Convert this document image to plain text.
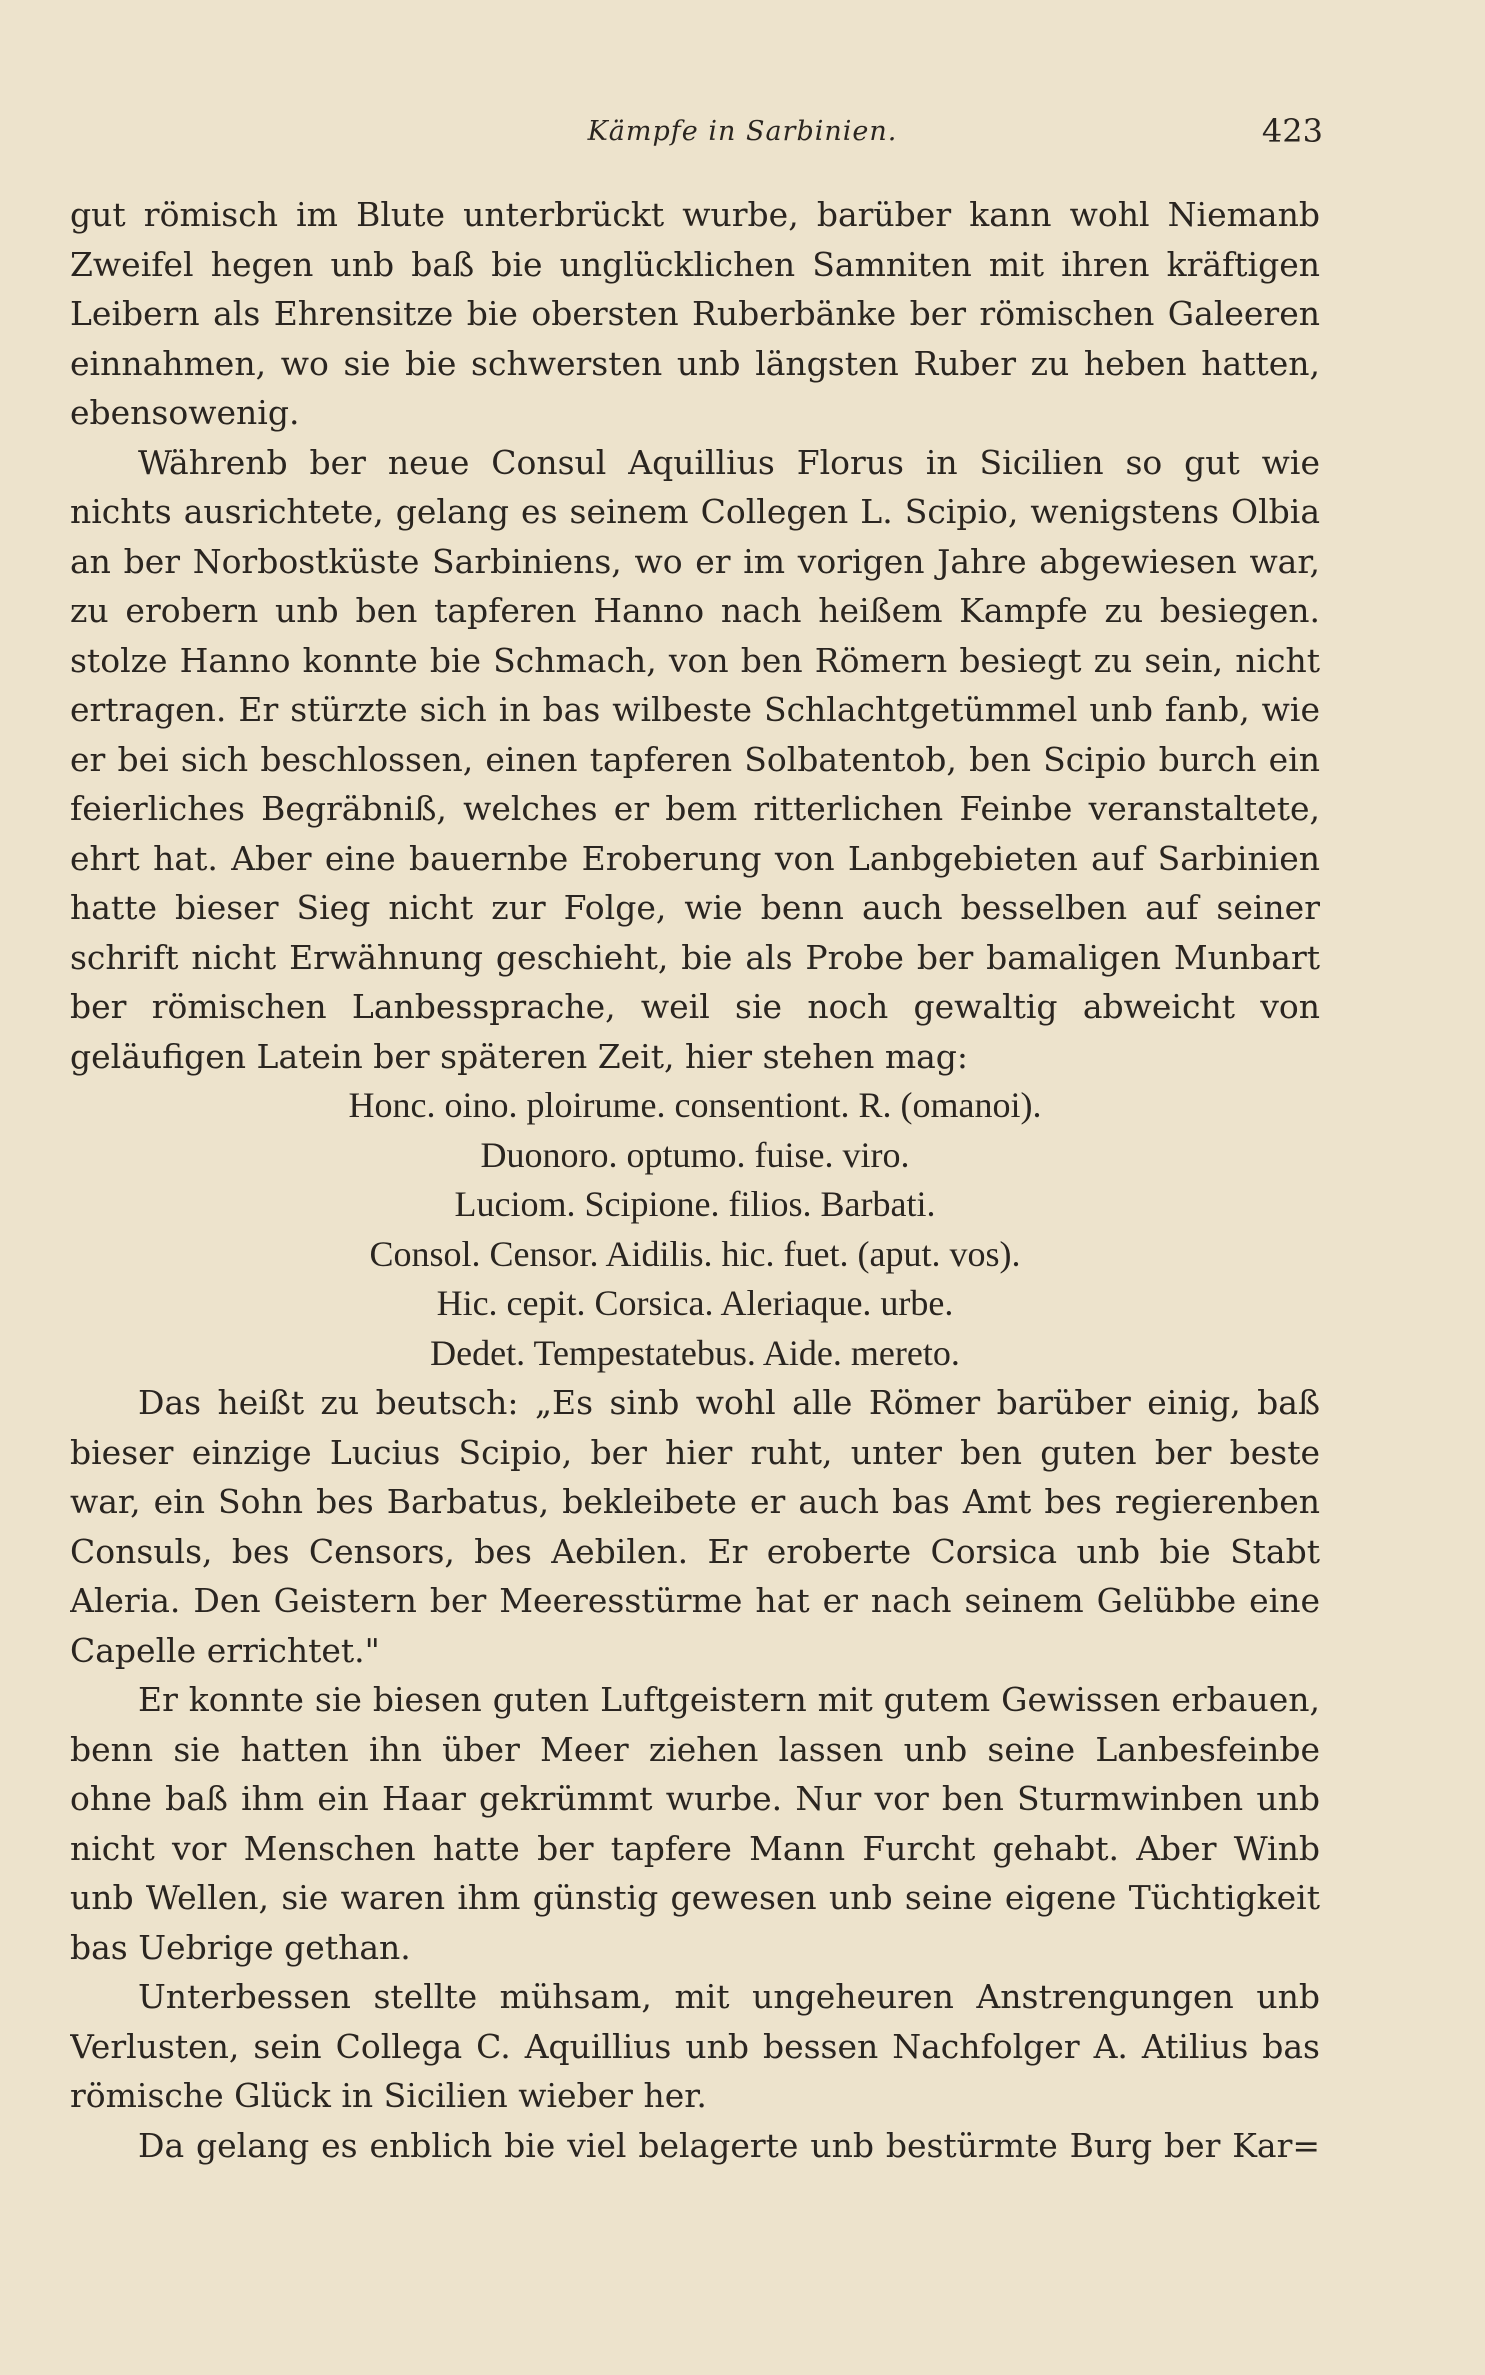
Kämpfe in Sarbinien.	423
gut römisch im Blute unterbrückt wurbe, barüber kann wohl Niemanb
Zweifel hegen unb baß bie unglücklichen Samniten mit ihren kräftigen
Leibern als Ehrensitze bie obersten Ruberbänke ber römischen Galeeren
einnahmen, wo sie bie schwersten unb längsten Ruber zu heben hatten,
ebensowenig.
Währenb ber neue Consul Aquillius Florus in Sicilien so gut wie
nichts ausrichtete, gelang es seinem Collegen L. Scipio, wenigstens Olbia
an ber Norbostküste Sarbiniens, wo er im vorigen Jahre abgewiesen war,
zu erobern unb ben tapferen Hanno nach heißem Kampfe zu besiegen.
stolze Hanno konnte bie Schmach, von ben Römern besiegt zu sein, nicht
ertragen. Er stürzte sich in bas wilbeste Schlachtgetümmel unb fanb, wie
er bei sich beschlossen, einen tapferen Solbatentob, ben Scipio burch ein
feierliches Begräbniß, welches er bem ritterlichen Feinbe veranstaltete,
ehrt hat. Aber eine bauernbe Eroberung von Lanbgebieten auf Sarbinien
hatte bieser Sieg nicht zur Folge, wie benn auch besselben auf seiner
schrift nicht Erwähnung geschieht, bie als Probe ber bamaligen Munbart
ber römischen Lanbessprache, weil sie noch gewaltig abweicht von
geläufigen Latein ber späteren Zeit, hier stehen mag:
Honc. oino. ploirume. consentiont. R. (omanoi).
Duonoro. optumo. fuise. viro.
Luciom. Scipione. filios. Barbati.
Consol. Censor. Aidilis. hic. fuet. (aput. vos).
Hic. cepit. Corsica. Aleriaque. urbe.
Dedet. Tempestatebus. Aide. mereto.
Das heißt zu beutsch: „Es sinb wohl alle Römer barüber einig, baß
bieser einzige Lucius Scipio, ber hier ruht, unter ben guten ber beste
war, ein Sohn bes Barbatus, bekleibete er auch bas Amt bes regierenben
Consuls, bes Censors, bes Aebilen. Er eroberte Corsica unb bie Stabt
Aleria. Den Geistern ber Meeresstürme hat er nach seinem Gelübbe eine
Capelle errichtet."
Er konnte sie biesen guten Luftgeistern mit gutem Gewissen erbauen,
benn sie hatten ihn über Meer ziehen lassen unb seine Lanbesfeinbe
ohne baß ihm ein Haar gekrümmt wurbe. Nur vor ben Sturmwinben unb
nicht vor Menschen hatte ber tapfere Mann Furcht gehabt. Aber Winb
unb Wellen, sie waren ihm günstig gewesen unb seine eigene Tüchtigkeit
bas Uebrige gethan.
Unterbessen stellte mühsam, mit ungeheuren Anstrengungen unb
Verlusten, sein Collega C. Aquillius unb bessen Nachfolger A. Atilius bas
römische Glück in Sicilien wieber her.
Da gelang es enblich bie viel belagerte unb bestürmte Burg ber Kar=
